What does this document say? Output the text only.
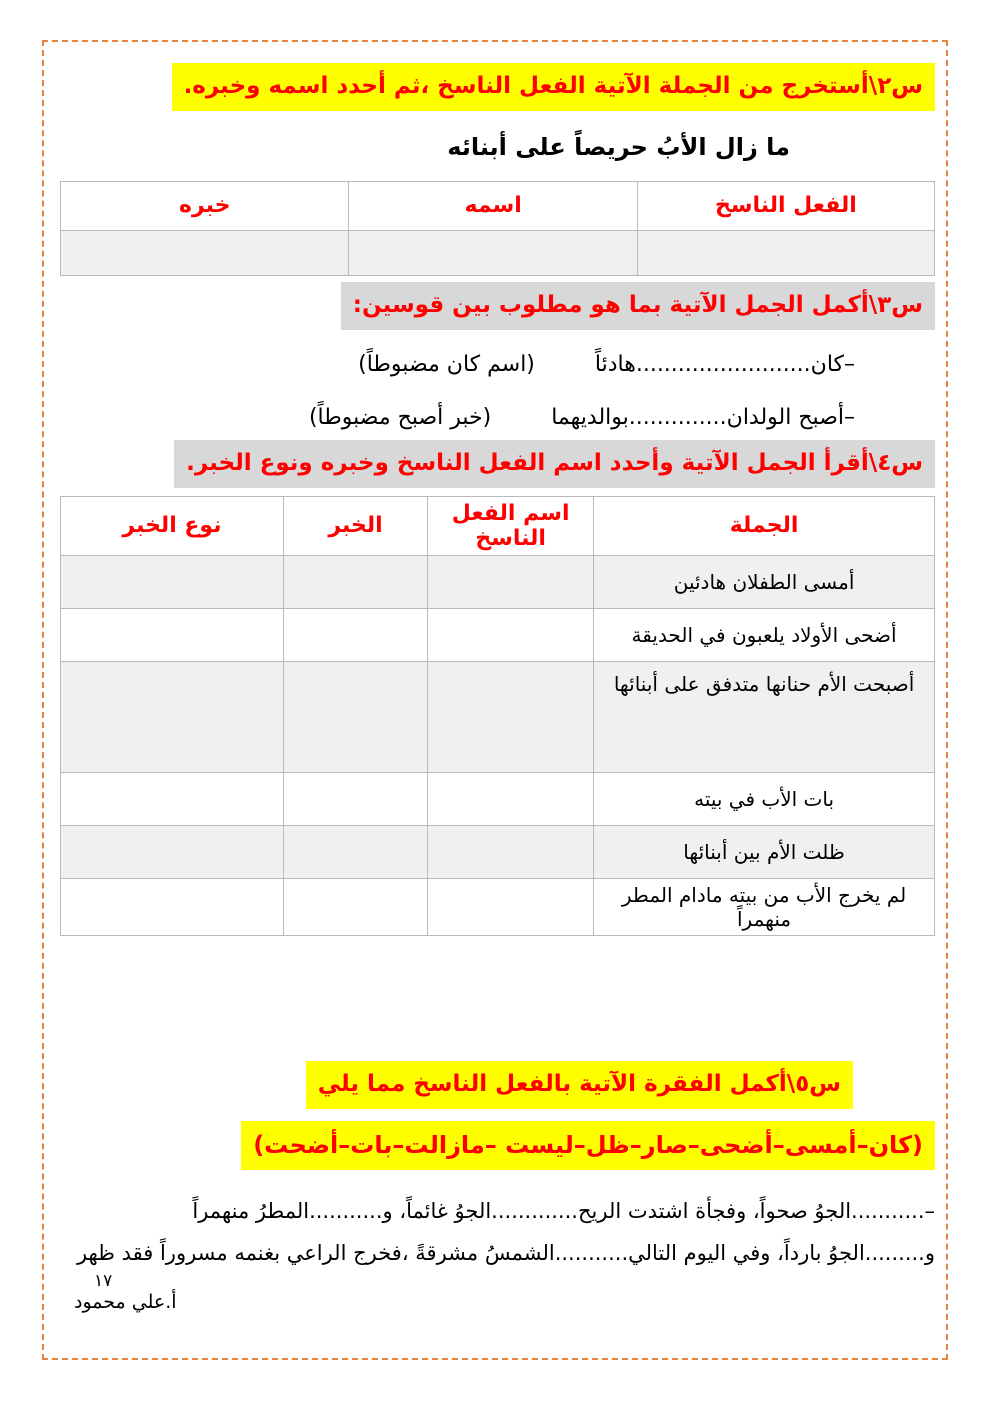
س٢\أستخرج من الجملة الآتية الفعل الناسخ ،ثم أحدد اسمه وخبره.
ما زال الأبُ حريصاً على أبنائه
الفعل الناسخ	اسمه	خبره

س٣\أكمل الجمل الآتية بما هو مطلوب بين قوسين:
–كان.........................هادئاً
(اسم كان مضبوطاً)
–أصبح الولدان..............بوالديهما
(خبر أصبح مضبوطاً)
س٤\أقرأ الجمل الآتية وأحدد اسم الفعل الناسخ وخبره ونوع الخبر.
الجملة	اسم الفعل الناسخ	الخبر	نوع الخبر
أمسى الطفلان هادئين			
أضحى الأولاد يلعبون في الحديقة			
أصبحت الأم حنانها متدفق على أبنائها			
بات الأب في بيته			
ظلت الأم بين أبنائها			
لم يخرج الأب من بيته مادام المطر منهمراً			
س٥\أكمل الفقرة الآتية بالفعل الناسخ مما يلي
(كان–أمسى–أضحى–صار–ظل–ليست –مازالت–بات–أضحت)
–...........الجوُ صحواً، وفجأة اشتدت الريح.............الجوُ غائماً، و...........المطرُ منهمراً
و.........الجوُ بارداً، وفي اليوم التالي...........الشمسُ مشرقةً ،فخرج الراعي بغنمه مسروراً فقد ظهر
١٧
أ.علي محمود
